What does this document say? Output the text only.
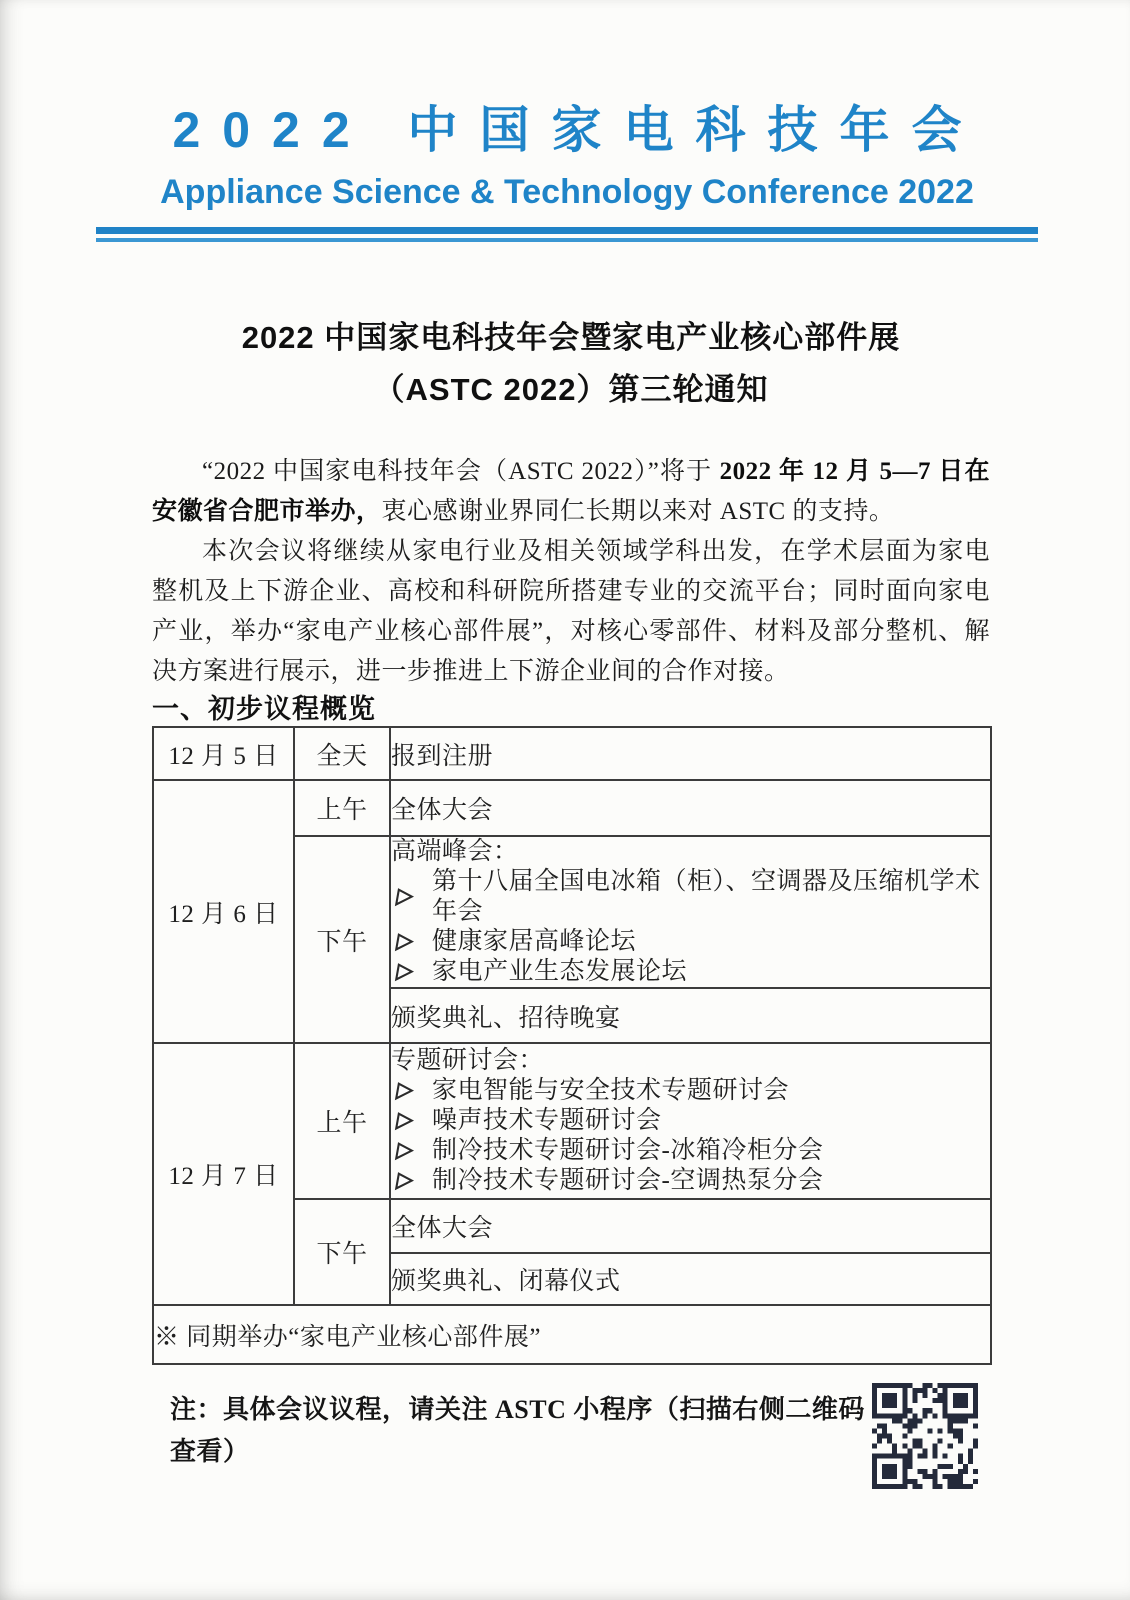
2022 中国家电科技年会
Appliance Science & Technology Conference 2022
2022 中国家电科技年会暨家电产业核心部件展
（ASTC 2022）第三轮通知

“2022 中国家电科技年会（ASTC 2022）”将于 2022 年 12 月 5—7 日在安徽省合肥市举办，衷心感谢业界同仁长期以来对 ASTC 的支持。

本次会议将继续从家电行业及相关领域学科出发，在学术层面为家电整机及上下游企业、高校和科研院所搭建专业的交流平台；同时面向家电产业，举办“家电产业核心部件展”，对核心零部件、材料及部分整机、解决方案进行展示，进一步推进上下游企业间的合作对接。

一、初步议程概览
12 月 5 日	全天	报到注册
12 月 6 日	上午	全体大会
	下午	高端峰会：
第十八届全国电冰箱（柜）、空调器及压缩机学术年会
健康家居高峰论坛
家电产业生态发展论坛

		颁奖典礼、招待晚宴
12 月 7 日	上午	专题研讨会：
家电智能与安全技术专题研讨会
噪声技术专题研讨会
制冷技术专题研讨会-冰箱冷柜分会
制冷技术专题研讨会-空调热泵分会

	下午	全体大会
		颁奖典礼、闭幕仪式
※ 同期举办“家电产业核心部件展”		

注：具体会议议程，请关注 ASTC 小程序（扫描右侧二维码查看）
